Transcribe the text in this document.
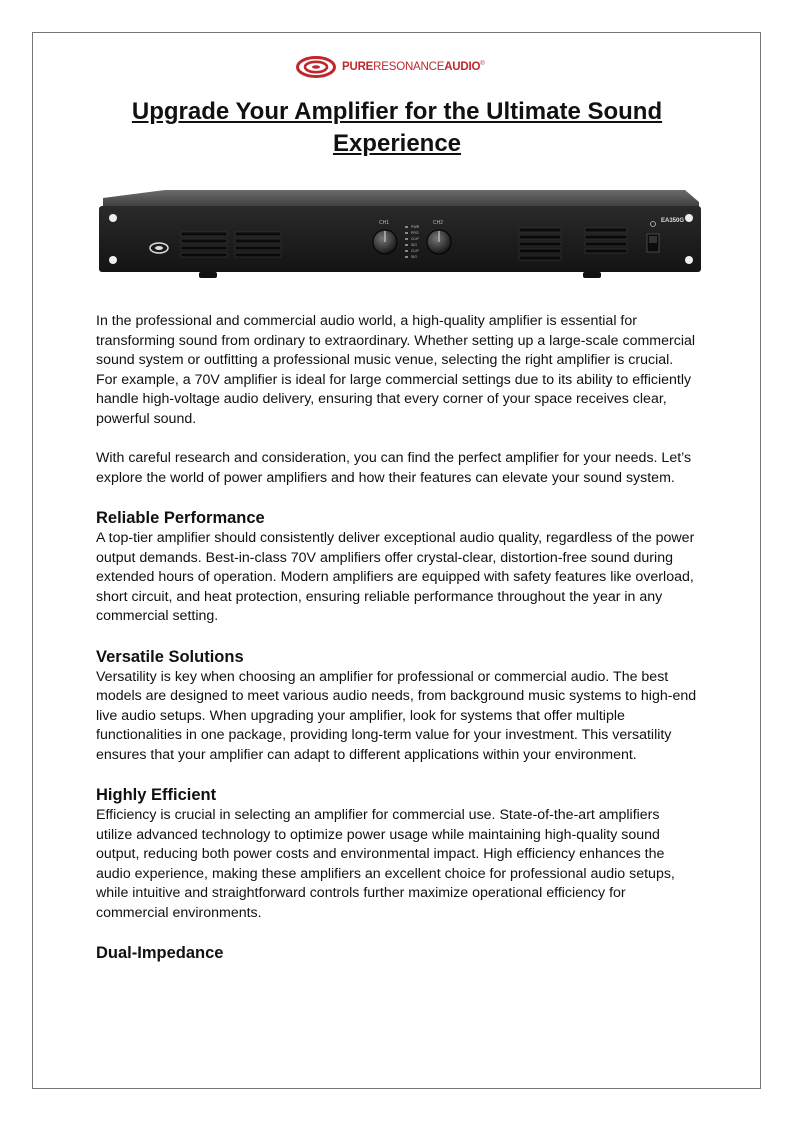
PURERESONANCEAUDIO®
Upgrade Your Amplifier for the Ultimate Sound Experience
CH1	CH2
PWR
PRO
CLIP
SIG
CLIP
SIG
EA350G

In the professional and commercial audio world, a high-quality amplifier is essential for transforming sound from ordinary to extraordinary. Whether setting up a large-scale commercial sound system or outfitting a professional music venue, selecting the right amplifier is crucial. For example, a 70V amplifier is ideal for large commercial settings due to its ability to efficiently handle high-voltage audio delivery, ensuring that every corner of your space receives clear, powerful sound.

With careful research and consideration, you can find the perfect amplifier for your needs. Let’s explore the world of power amplifiers and how their features can elevate your sound system.

Reliable Performance
A top-tier amplifier should consistently deliver exceptional audio quality, regardless of the power output demands. Best-in-class 70V amplifiers offer crystal-clear, distortion-free sound during extended hours of operation. Modern amplifiers are equipped with safety features like overload, short circuit, and heat protection, ensuring reliable performance throughout the year in any commercial setting.
Versatile Solutions
Versatility is key when choosing an amplifier for professional or commercial audio. The best models are designed to meet various audio needs, from background music systems to high-end live audio setups. When upgrading your amplifier, look for systems that offer multiple functionalities in one package, providing long-term value for your investment. This versatility ensures that your amplifier can adapt to different applications within your environment.
Highly Efficient
Efficiency is crucial in selecting an amplifier for commercial use. State-of-the-art amplifiers utilize advanced technology to optimize power usage while maintaining high-quality sound output, reducing both power costs and environmental impact. High efficiency enhances the audio experience, making these amplifiers an excellent choice for professional audio setups, while intuitive and straightforward controls further maximize operational efficiency for commercial environments.
Dual-Impedance
